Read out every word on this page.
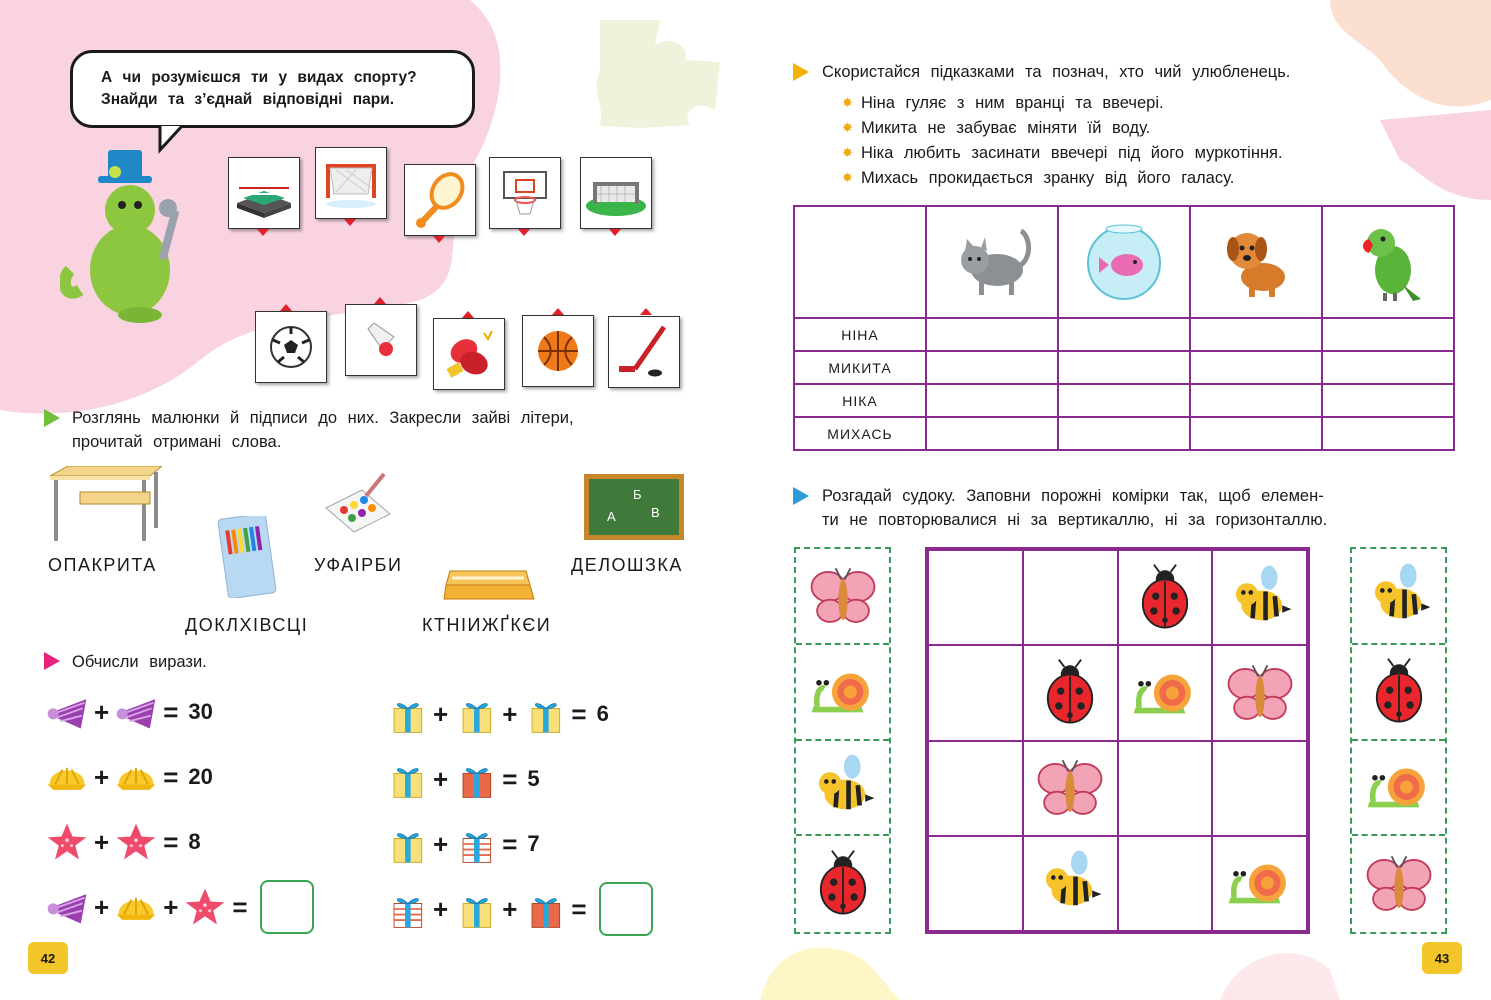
А чи розумієшся ти у видах спорту?
Знайди та з’єднай відповідні пари.
Розглянь малюнки й підписи до них. Закресли зайві літери,
прочитай отримані слова.
ОПАКРИТА
ДОКЛХІВСЦІ
УФАІРБИ
КТНІИЖҐКЄИ
Б
А	В
ДЕЛОШЗКА
Обчисли вирази.
42
Скористайся підказками та познач, хто чий улюбленець.
✸ Ніна гуляє з ним вранці та ввечері.
✸ Микита не забуває міняти їй воду.
✸ Ніка любить засинати ввечері під його муркотіння.
✸ Михась прокидається зранку від його галасу.

НІНА				
МИКИТА				
НІКА				
МИХАСЬ				
Розгадай судоку. Заповни порожні комірки так, щоб елемен-
ти не повторювалися ні за вертикаллю, ні за горизонталлю.
43
+ = 30
+ = 20
+ = 8
+ + =
+ + = 6
+ = 5
+ = 7
+ + =
